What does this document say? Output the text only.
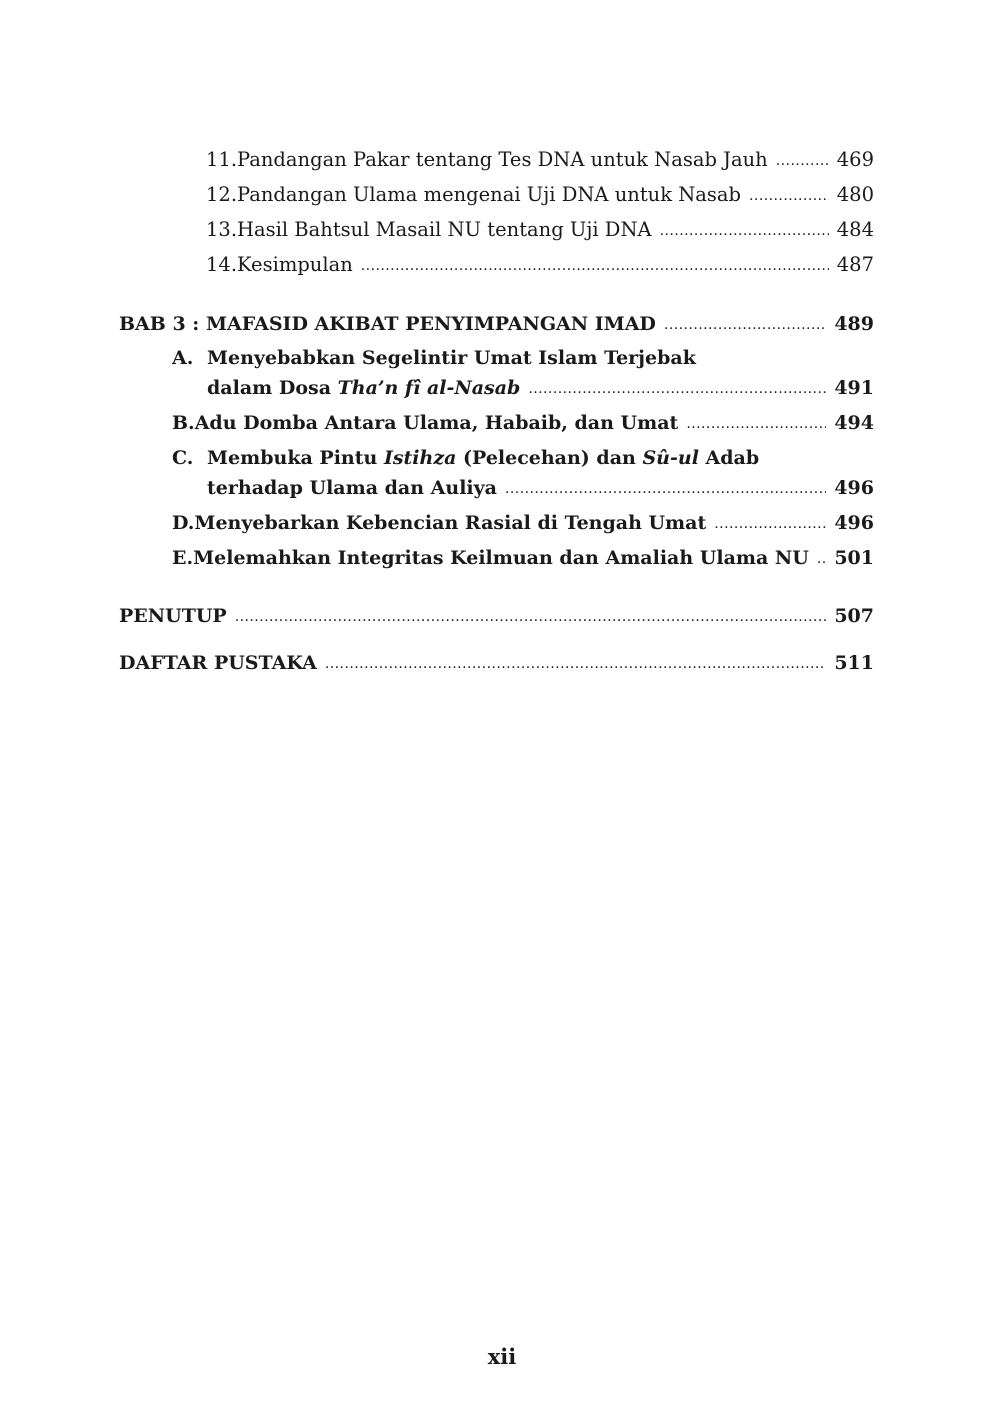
11. Pandangan Pakar tentang Tes DNA untuk Nasab Jauh . . .	469
12. Pandangan Ulama mengenai Uji DNA untuk Nasab . . .	480
13. Hasil Bahtsul Masail NU tentang Uji DNA . . .	484
14. Kesimpulan . . .	487
BAB 3 : MAFASID AKIBAT PENYIMPANGAN IMAD . . .	489
A. Menyebabkan Segelintir Umat Islam Terjebak
dalam Dosa Tha’n fî al-Nasab . . .	491
B. Adu Domba Antara Ulama, Habaib, dan Umat . . .	494
C. Membuka Pintu Istihza (Pelecehan) dan Sû-ul Adab
terhadap Ulama dan Auliya . . .	496
D. Menyebarkan Kebencian Rasial di Tengah Umat . . .	496
E. Melemahkan Integritas Keilmuan dan Amaliah Ulama NU . . . 501
PENUTUP . . .	507
DAFTAR PUSTAKA . . .	511
xii
